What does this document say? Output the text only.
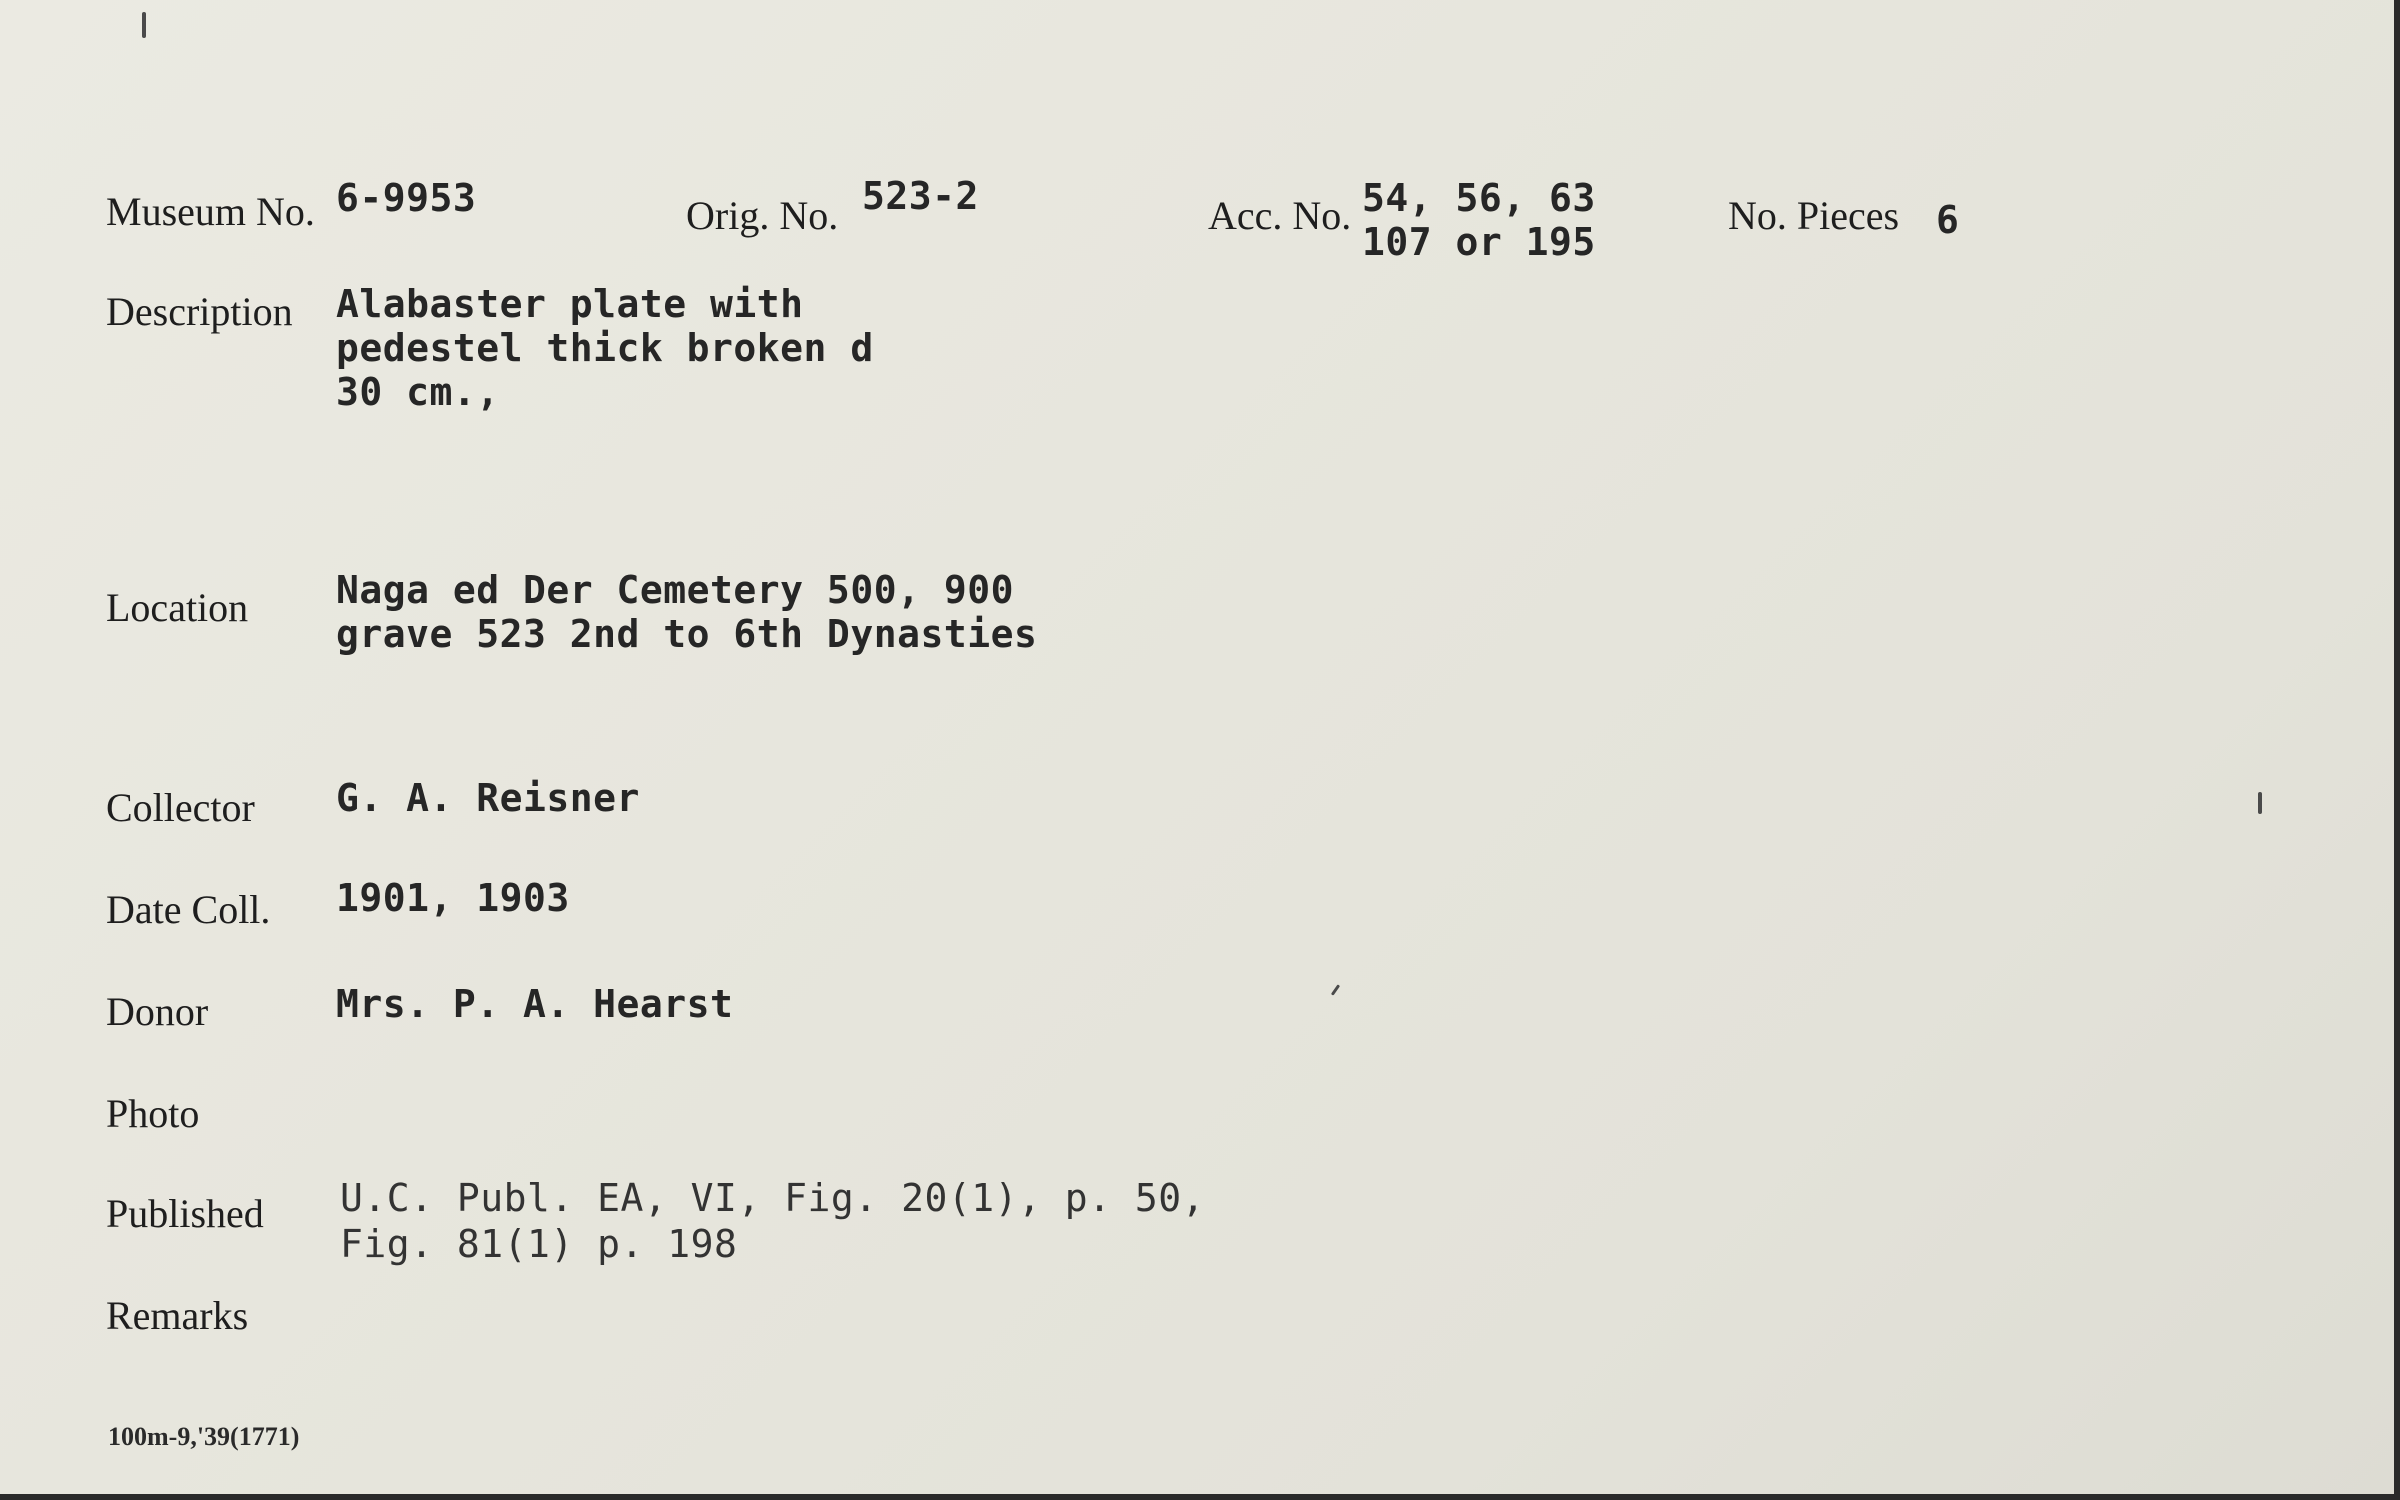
Museum No. 6-9953	Orig. No. 523-2	Acc. No. 54, 56, 63
107 or 195
No. Pieces 6
Description Alabaster plate with
pedestel thick broken d
30 cm.,
Location Naga ed Der Cemetery 500, 900
grave 523 2nd to 6th Dynasties
Collector G. A. Reisner
Date Coll. 1901, 1903
Donor	Mrs. P. A. Hearst
Photo
Published U.C. Publ. EA, VI, Fig. 20(1), p. 50,
Fig. 81(1) p. 198
Remarks
100m-9,'39(1771)
